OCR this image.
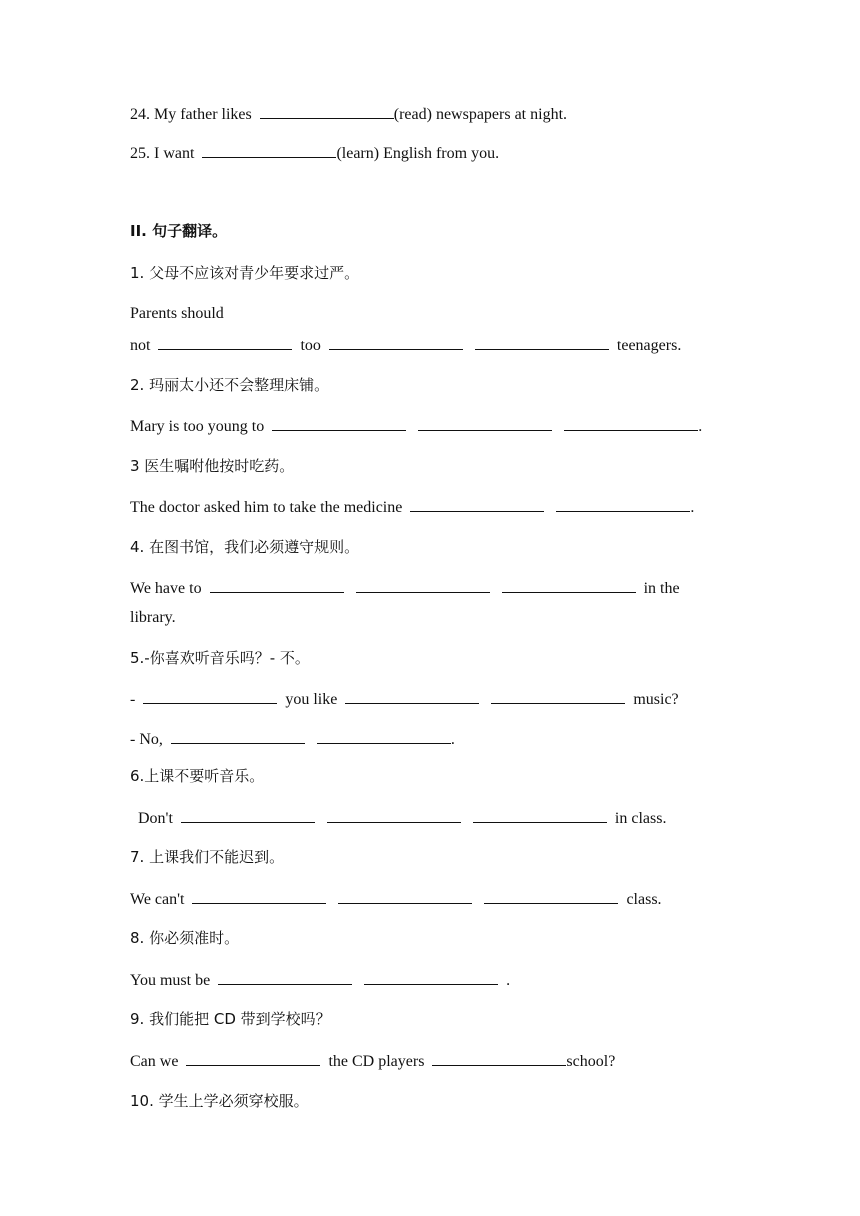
24. My father likes	(read) newspapers at night.
25. I want	(learn) English from you.
II. 句子翻译。
1. 父母不应该对青少年要求过严。
Parents should
not	too	teenagers.
2. 玛丽太小还不会整理床铺。
Mary is too young to	.
3 医生嘱咐他按时吃药。
The doctor asked him to take the medicine	.
4. 在图书馆，我们必须遵守规则。
We have to	in the
library.
5.-你喜欢听音乐吗？- 不。
-	you like	music?
- No,	.
6.上课不要听音乐。
Don't	in class.
7. 上课我们不能迟到。
We can't	class.
8. 你必须准时。
You must be	.
9. 我们能把 CD 带到学校吗？
Can we	the CD players	school?
10. 学生上学必须穿校服。
